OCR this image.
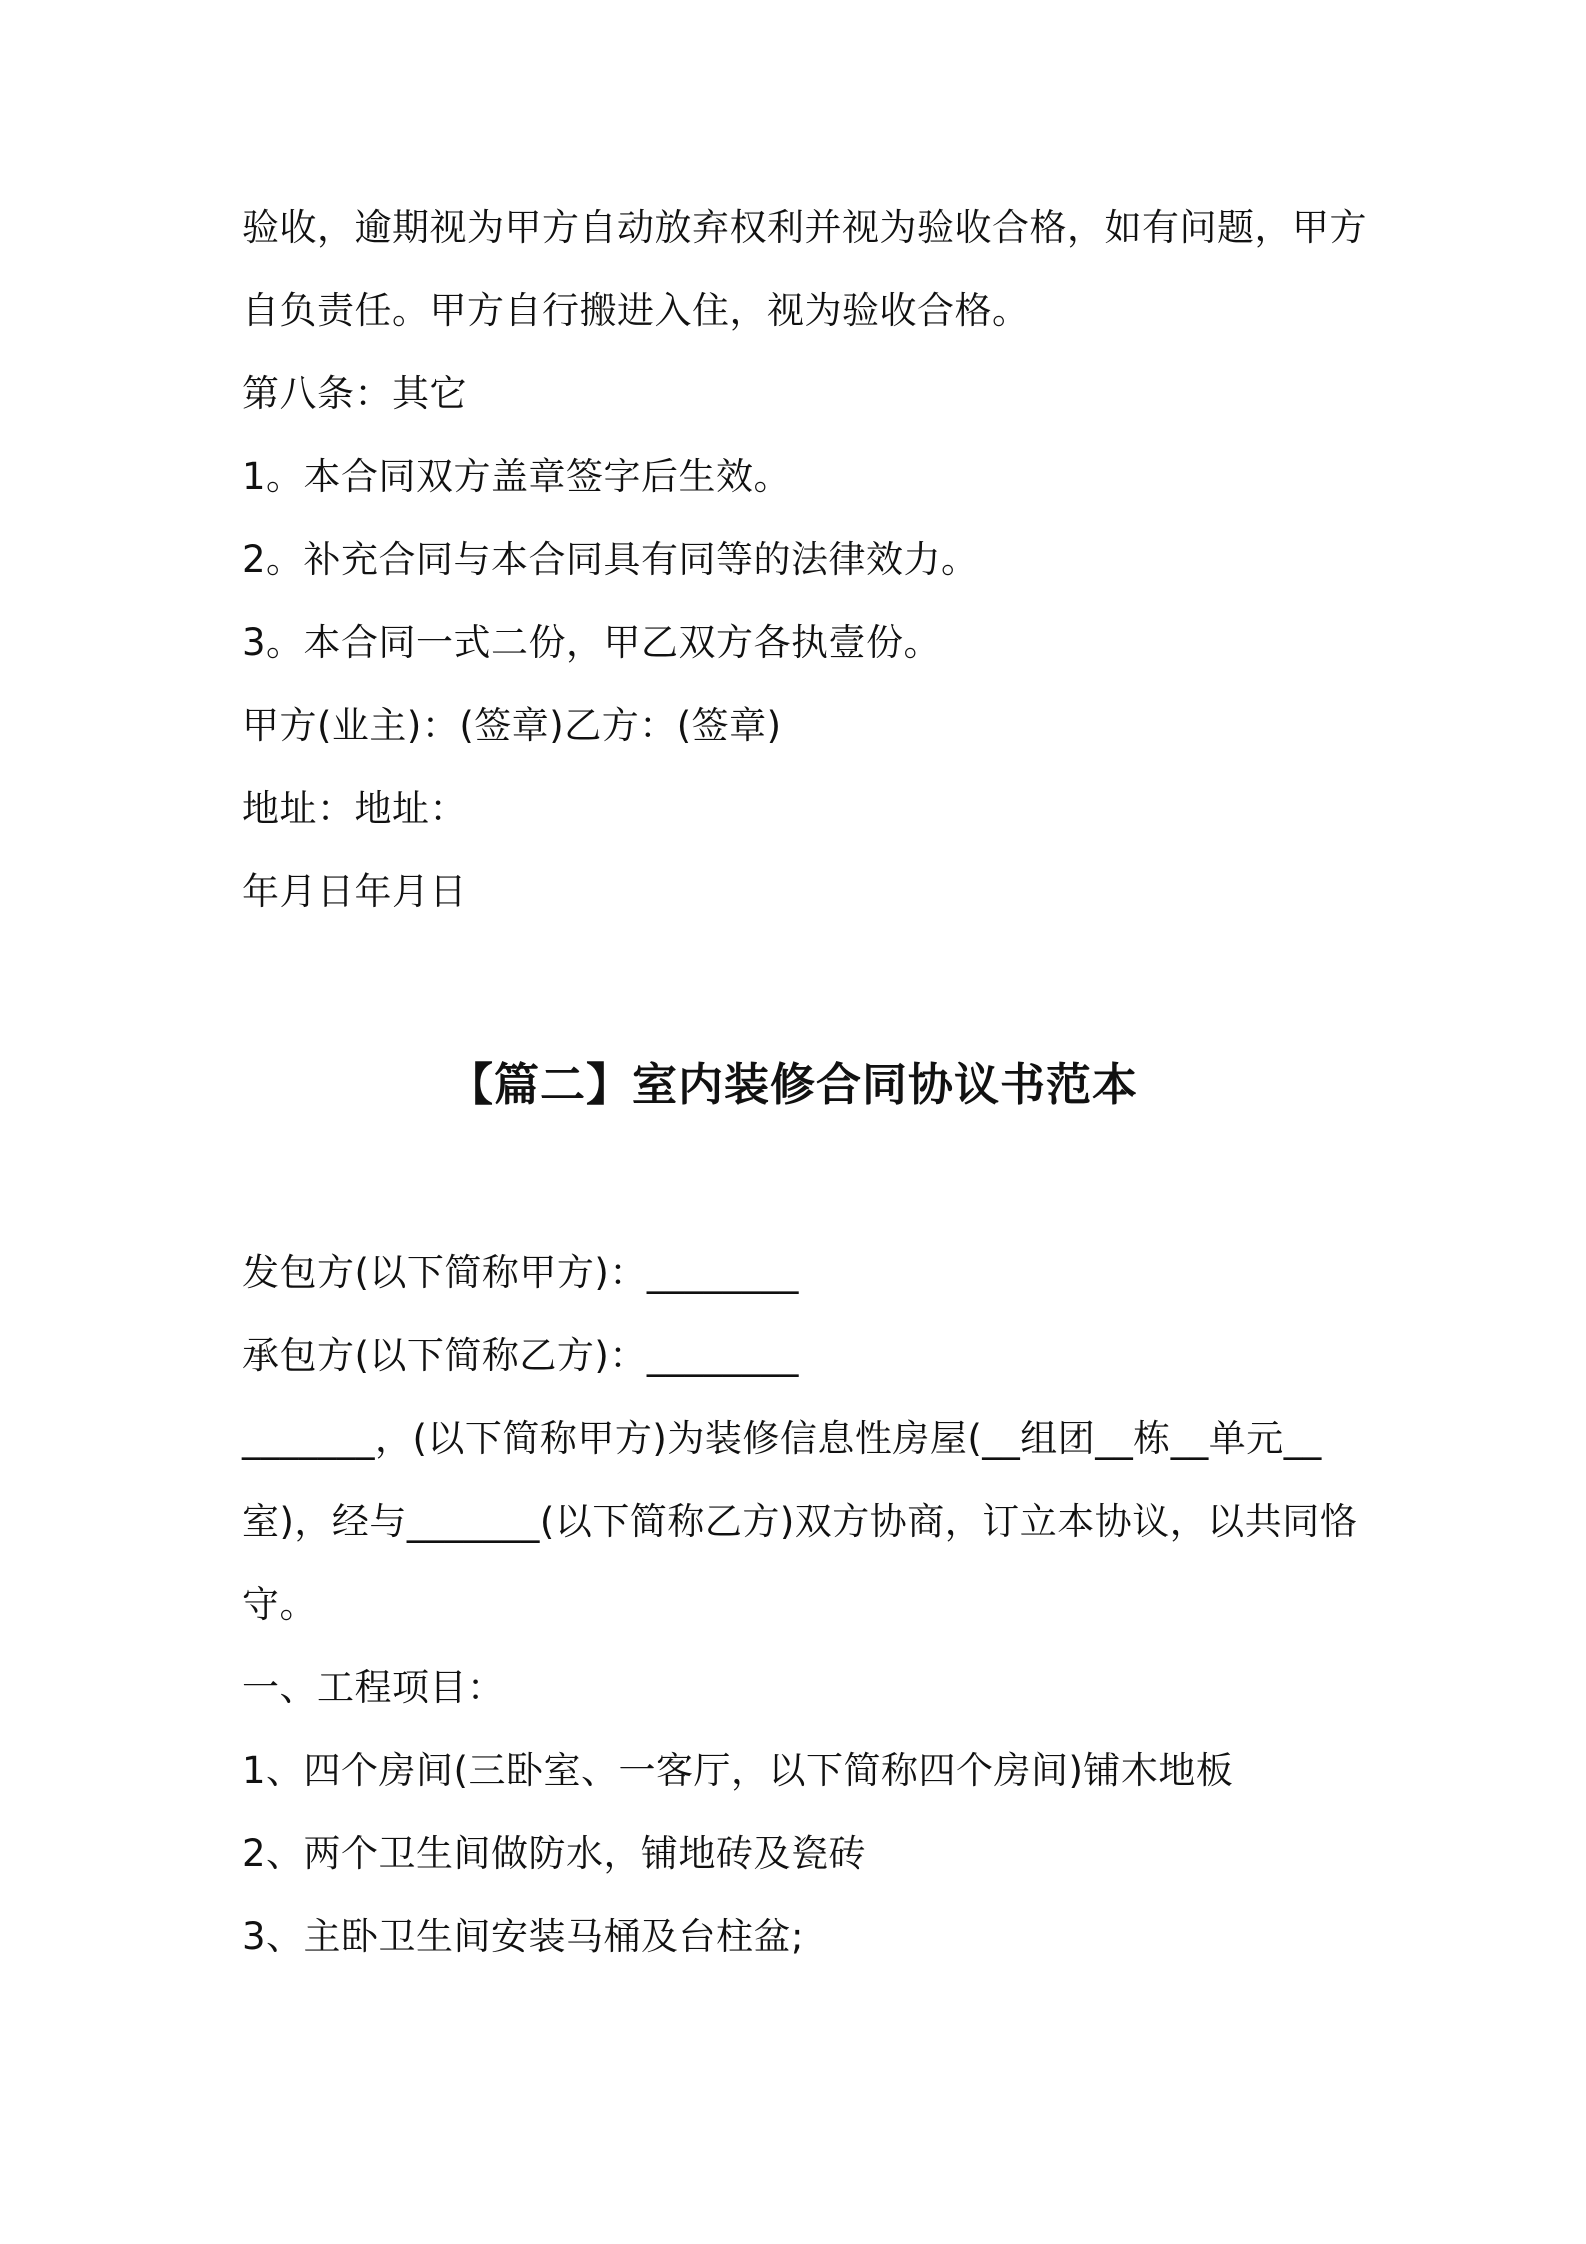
验收，逾期视为甲方自动放弃权利并视为验收合格，如有问题，甲方
自负责任。甲方自行搬进入住，视为验收合格。
第八条：其它
1。本合同双方盖章签字后生效。
2。补充合同与本合同具有同等的法律效力。
3。本合同一式二份，甲乙双方各执壹份。
甲方(业主)：(签章)乙方：(签章)
地址：地址：
年月日年月日
【篇二】室内装修合同协议书范本
发包方(以下简称甲方)：________
承包方(以下简称乙方)：________
_______，(以下简称甲方)为装修信息性房屋(__组团__栋__单元__
室)，经与_______(以下简称乙方)双方协商，订立本协议，以共同恪
守。
一、工程项目：
1、四个房间(三卧室、一客厅，以下简称四个房间)铺木地板
2、两个卫生间做防水，铺地砖及瓷砖
3、主卧卫生间安装马桶及台柱盆;
